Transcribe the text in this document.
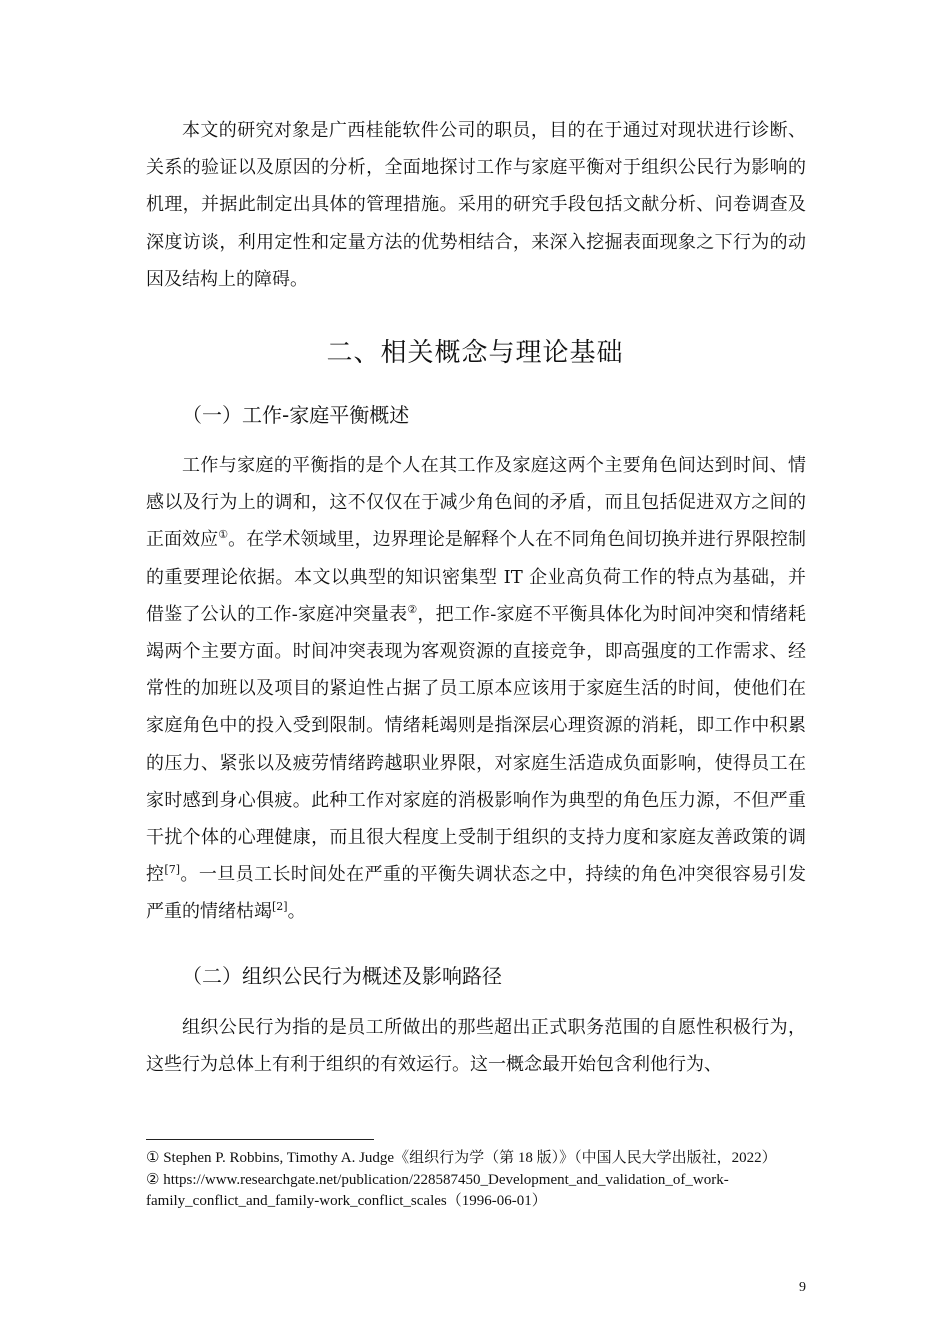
本文的研究对象是广西桂能软件公司的职员，目的在于通过对现状进行诊断、关系的验证以及原因的分析，全面地探讨工作与家庭平衡对于组织公民行为影响的机理，并据此制定出具体的管理措施。采用的研究手段包括文献分析、问卷调查及深度访谈，利用定性和定量方法的优势相结合，来深入挖掘表面现象之下行为的动因及结构上的障碍。

二、相关概念与理论基础
（一）工作-家庭平衡概述

工作与家庭的平衡指的是个人在其工作及家庭这两个主要角色间达到时间、情感以及行为上的调和，这不仅仅在于减少角色间的矛盾，而且包括促进双方之间的正面效应①。在学术领域里，边界理论是解释个人在不同角色间切换并进行界限控制的重要理论依据。本文以典型的知识密集型 IT 企业高负荷工作的特点为基础，并借鉴了公认的工作-家庭冲突量表②，把工作-家庭不平衡具体化为时间冲突和情绪耗竭两个主要方面。时间冲突表现为客观资源的直接竞争，即高强度的工作需求、经常性的加班以及项目的紧迫性占据了员工原本应该用于家庭生活的时间，使他们在家庭角色中的投入受到限制。情绪耗竭则是指深层心理资源的消耗，即工作中积累的压力、紧张以及疲劳情绪跨越职业界限，对家庭生活造成负面影响，使得员工在家时感到身心俱疲。此种工作对家庭的消极影响作为典型的角色压力源，不但严重干扰个体的心理健康，而且很大程度上受制于组织的支持力度和家庭友善政策的调控[7]。一旦员工长时间处在严重的平衡失调状态之中，持续的角色冲突很容易引发严重的情绪枯竭[2]。

（二）组织公民行为概述及影响路径

组织公民行为指的是员工所做出的那些超出正式职务范围的自愿性积极行为，这些行为总体上有利于组织的有效运行。这一概念最开始包含利他行为、

① Stephen P. Robbins, Timothy A. Judge《组织行为学（第 18 版）》（中国人民大学出版社，2022）

② https://www.researchgate.net/publication/228587450_Development_and_validation_of_work-family_conflict_and_family-work_conflict_scales（1996-06-01）

9
